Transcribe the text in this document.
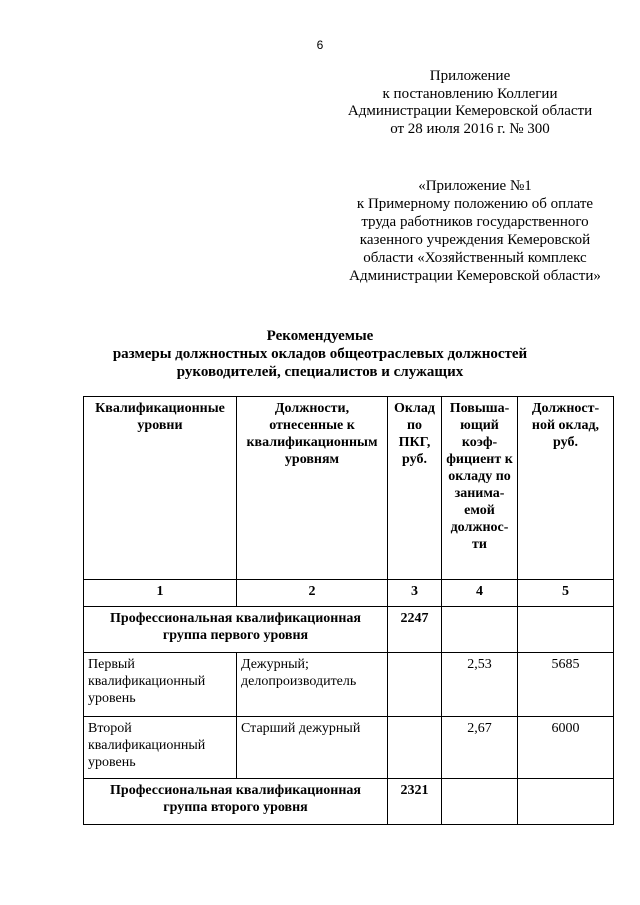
6
Приложение
к постановлению Коллегии
Администрации Кемеровской области
от 28 июля 2016 г. № 300
«Приложение №1
к Примерному положению об оплате
труда работников государственного
казенного учреждения Кемеровской
области «Хозяйственный комплекс
Администрации Кемеровской области»
Рекомендуемые
размеры должностных окладов общеотраслевых должностей
руководителей, специалистов и служащих
Квалификационные уровни	Должности, отнесенные к квалификационным уровням	Оклад по ПКГ, руб.	Повыша-ющий коэф-фициент к окладу по занима-емой должнос-ти	Должност-ной оклад, руб.
1	2	3	4	5
Профессиональная квалификационная группа первого уровня		2247		
Первый квалификационный уровень	Дежурный; делопроизводитель		2,53	5685
Второй квалификационный уровень	Старший дежурный		2,67	6000
Профессиональная квалификационная группа второго уровня		2321		
